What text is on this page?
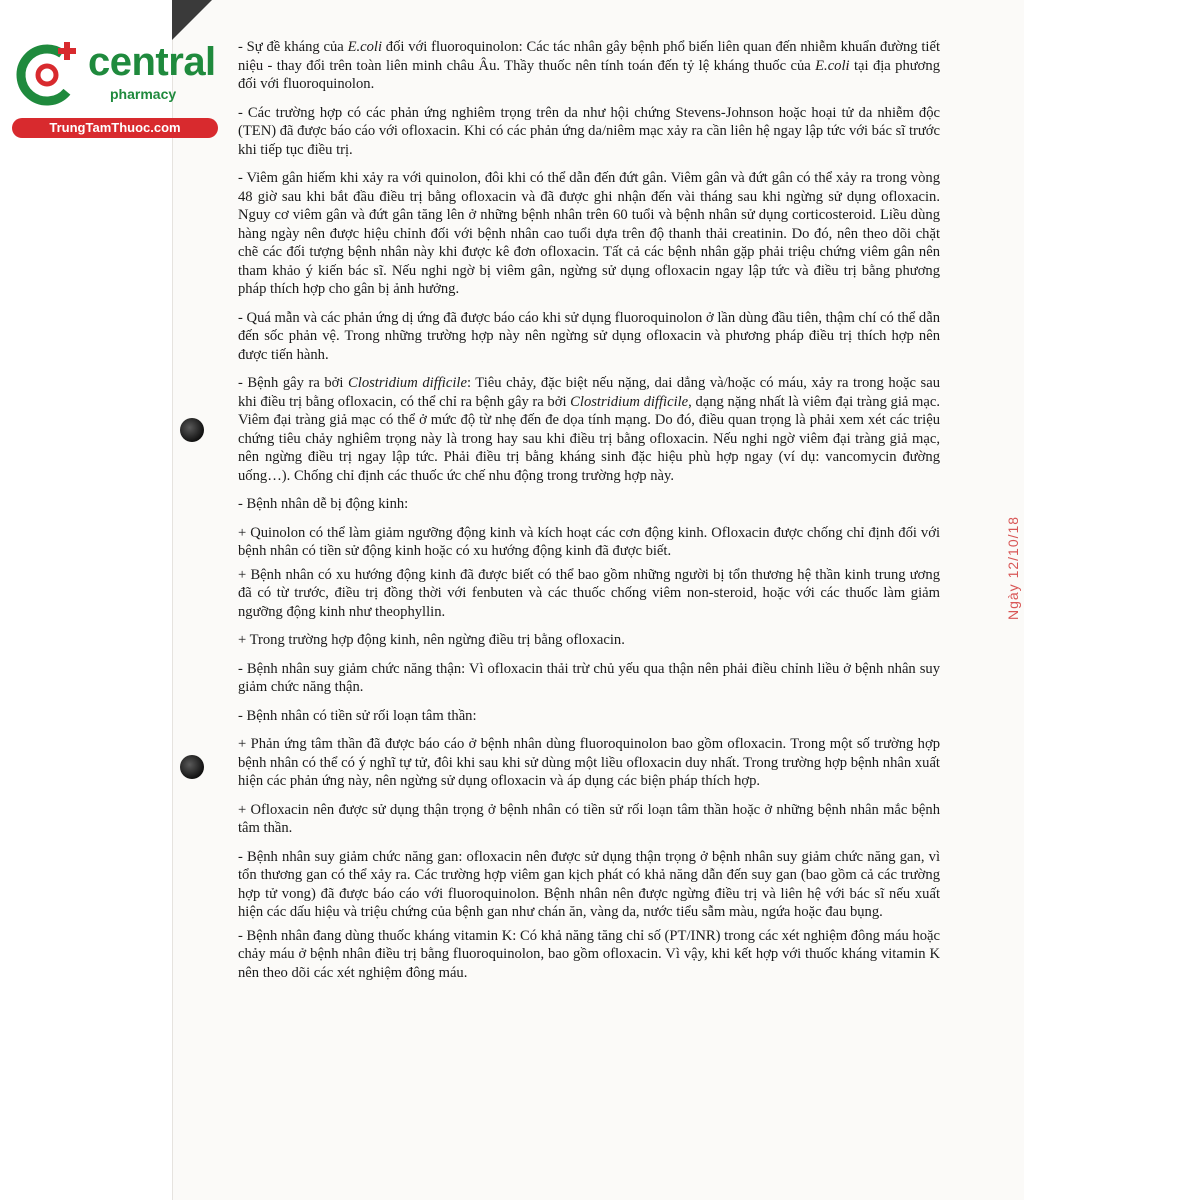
central
pharmacy
TrungTamThuoc.com
Ngày 12/10/18

- Sự đề kháng của E.coli đối với fluoroquinolon: Các tác nhân gây bệnh phổ biến liên quan đến nhiễm khuẩn đường tiết niệu - thay đổi trên toàn liên minh châu Âu. Thầy thuốc nên tính toán đến tỷ lệ kháng thuốc của E.coli tại địa phương đối với fluoroquinolon.

- Các trường hợp có các phản ứng nghiêm trọng trên da như hội chứng Stevens-Johnson hoặc hoại tử da nhiễm độc (TEN) đã được báo cáo với ofloxacin. Khi có các phản ứng da/niêm mạc xảy ra cần liên hệ ngay lập tức với bác sĩ trước khi tiếp tục điều trị.

- Viêm gân hiếm khi xảy ra với quinolon, đôi khi có thể dẫn đến đứt gân. Viêm gân và đứt gân có thể xảy ra trong vòng 48 giờ sau khi bắt đầu điều trị bằng ofloxacin và đã được ghi nhận đến vài tháng sau khi ngừng sử dụng ofloxacin. Nguy cơ viêm gân và đứt gân tăng lên ở những bệnh nhân trên 60 tuổi và bệnh nhân sử dụng corticosteroid. Liều dùng hàng ngày nên được hiệu chỉnh đối với bệnh nhân cao tuổi dựa trên độ thanh thải creatinin. Do đó, nên theo dõi chặt chẽ các đối tượng bệnh nhân này khi được kê đơn ofloxacin. Tất cả các bệnh nhân gặp phải triệu chứng viêm gân nên tham khảo ý kiến bác sĩ. Nếu nghi ngờ bị viêm gân, ngừng sử dụng ofloxacin ngay lập tức và điều trị bằng phương pháp thích hợp cho gân bị ảnh hưởng.

- Quá mẫn và các phản ứng dị ứng đã được báo cáo khi sử dụng fluoroquinolon ở lần dùng đầu tiên, thậm chí có thể dẫn đến sốc phản vệ. Trong những trường hợp này nên ngừng sử dụng ofloxacin và phương pháp điều trị thích hợp nên được tiến hành.

- Bệnh gây ra bởi Clostridium difficile: Tiêu chảy, đặc biệt nếu nặng, dai dẳng và/hoặc có máu, xảy ra trong hoặc sau khi điều trị bằng ofloxacin, có thể chỉ ra bệnh gây ra bởi Clostridium difficile, dạng nặng nhất là viêm đại tràng giả mạc. Viêm đại tràng giả mạc có thể ở mức độ từ nhẹ đến đe dọa tính mạng. Do đó, điều quan trọng là phải xem xét các triệu chứng tiêu chảy nghiêm trọng này là trong hay sau khi điều trị bằng ofloxacin. Nếu nghi ngờ viêm đại tràng giả mạc, nên ngừng điều trị ngay lập tức. Phải điều trị bằng kháng sinh đặc hiệu phù hợp ngay (ví dụ: vancomycin đường uống…). Chống chỉ định các thuốc ức chế nhu động trong trường hợp này.

- Bệnh nhân dễ bị động kinh:

+ Quinolon có thể làm giảm ngưỡng động kinh và kích hoạt các cơn động kinh. Ofloxacin được chống chỉ định đối với bệnh nhân có tiền sử động kinh hoặc có xu hướng động kinh đã được biết.

+ Bệnh nhân có xu hướng động kinh đã được biết có thể bao gồm những người bị tổn thương hệ thần kinh trung ương đã có từ trước, điều trị đồng thời với fenbuten và các thuốc chống viêm non-steroid, hoặc với các thuốc làm giảm ngưỡng động kinh như theophyllin.

+ Trong trường hợp động kinh, nên ngừng điều trị bằng ofloxacin.

- Bệnh nhân suy giảm chức năng thận: Vì ofloxacin thải trừ chủ yếu qua thận nên phải điều chỉnh liều ở bệnh nhân suy giảm chức năng thận.

- Bệnh nhân có tiền sử rối loạn tâm thần:

+ Phản ứng tâm thần đã được báo cáo ở bệnh nhân dùng fluoroquinolon bao gồm ofloxacin. Trong một số trường hợp bệnh nhân có thể có ý nghĩ tự tử, đôi khi sau khi sử dùng một liều ofloxacin duy nhất. Trong trường hợp bệnh nhân xuất hiện các phản ứng này, nên ngừng sử dụng ofloxacin và áp dụng các biện pháp thích hợp.

+ Ofloxacin nên được sử dụng thận trọng ở bệnh nhân có tiền sử rối loạn tâm thần hoặc ở những bệnh nhân mắc bệnh tâm thần.

- Bệnh nhân suy giảm chức năng gan: ofloxacin nên được sử dụng thận trọng ở bệnh nhân suy giảm chức năng gan, vì tổn thương gan có thể xảy ra. Các trường hợp viêm gan kịch phát có khả năng dẫn đến suy gan (bao gồm cả các trường hợp tử vong) đã được báo cáo với fluoroquinolon. Bệnh nhân nên được ngừng điều trị và liên hệ với bác sĩ nếu xuất hiện các dấu hiệu và triệu chứng của bệnh gan như chán ăn, vàng da, nước tiểu sẫm màu, ngứa hoặc đau bụng.

- Bệnh nhân đang dùng thuốc kháng vitamin K: Có khả năng tăng chỉ số (PT/INR) trong các xét nghiệm đông máu hoặc chảy máu ở bệnh nhân điều trị bằng fluoroquinolon, bao gồm ofloxacin. Vì vậy, khi kết hợp với thuốc kháng vitamin K nên theo dõi các xét nghiệm đông máu.
